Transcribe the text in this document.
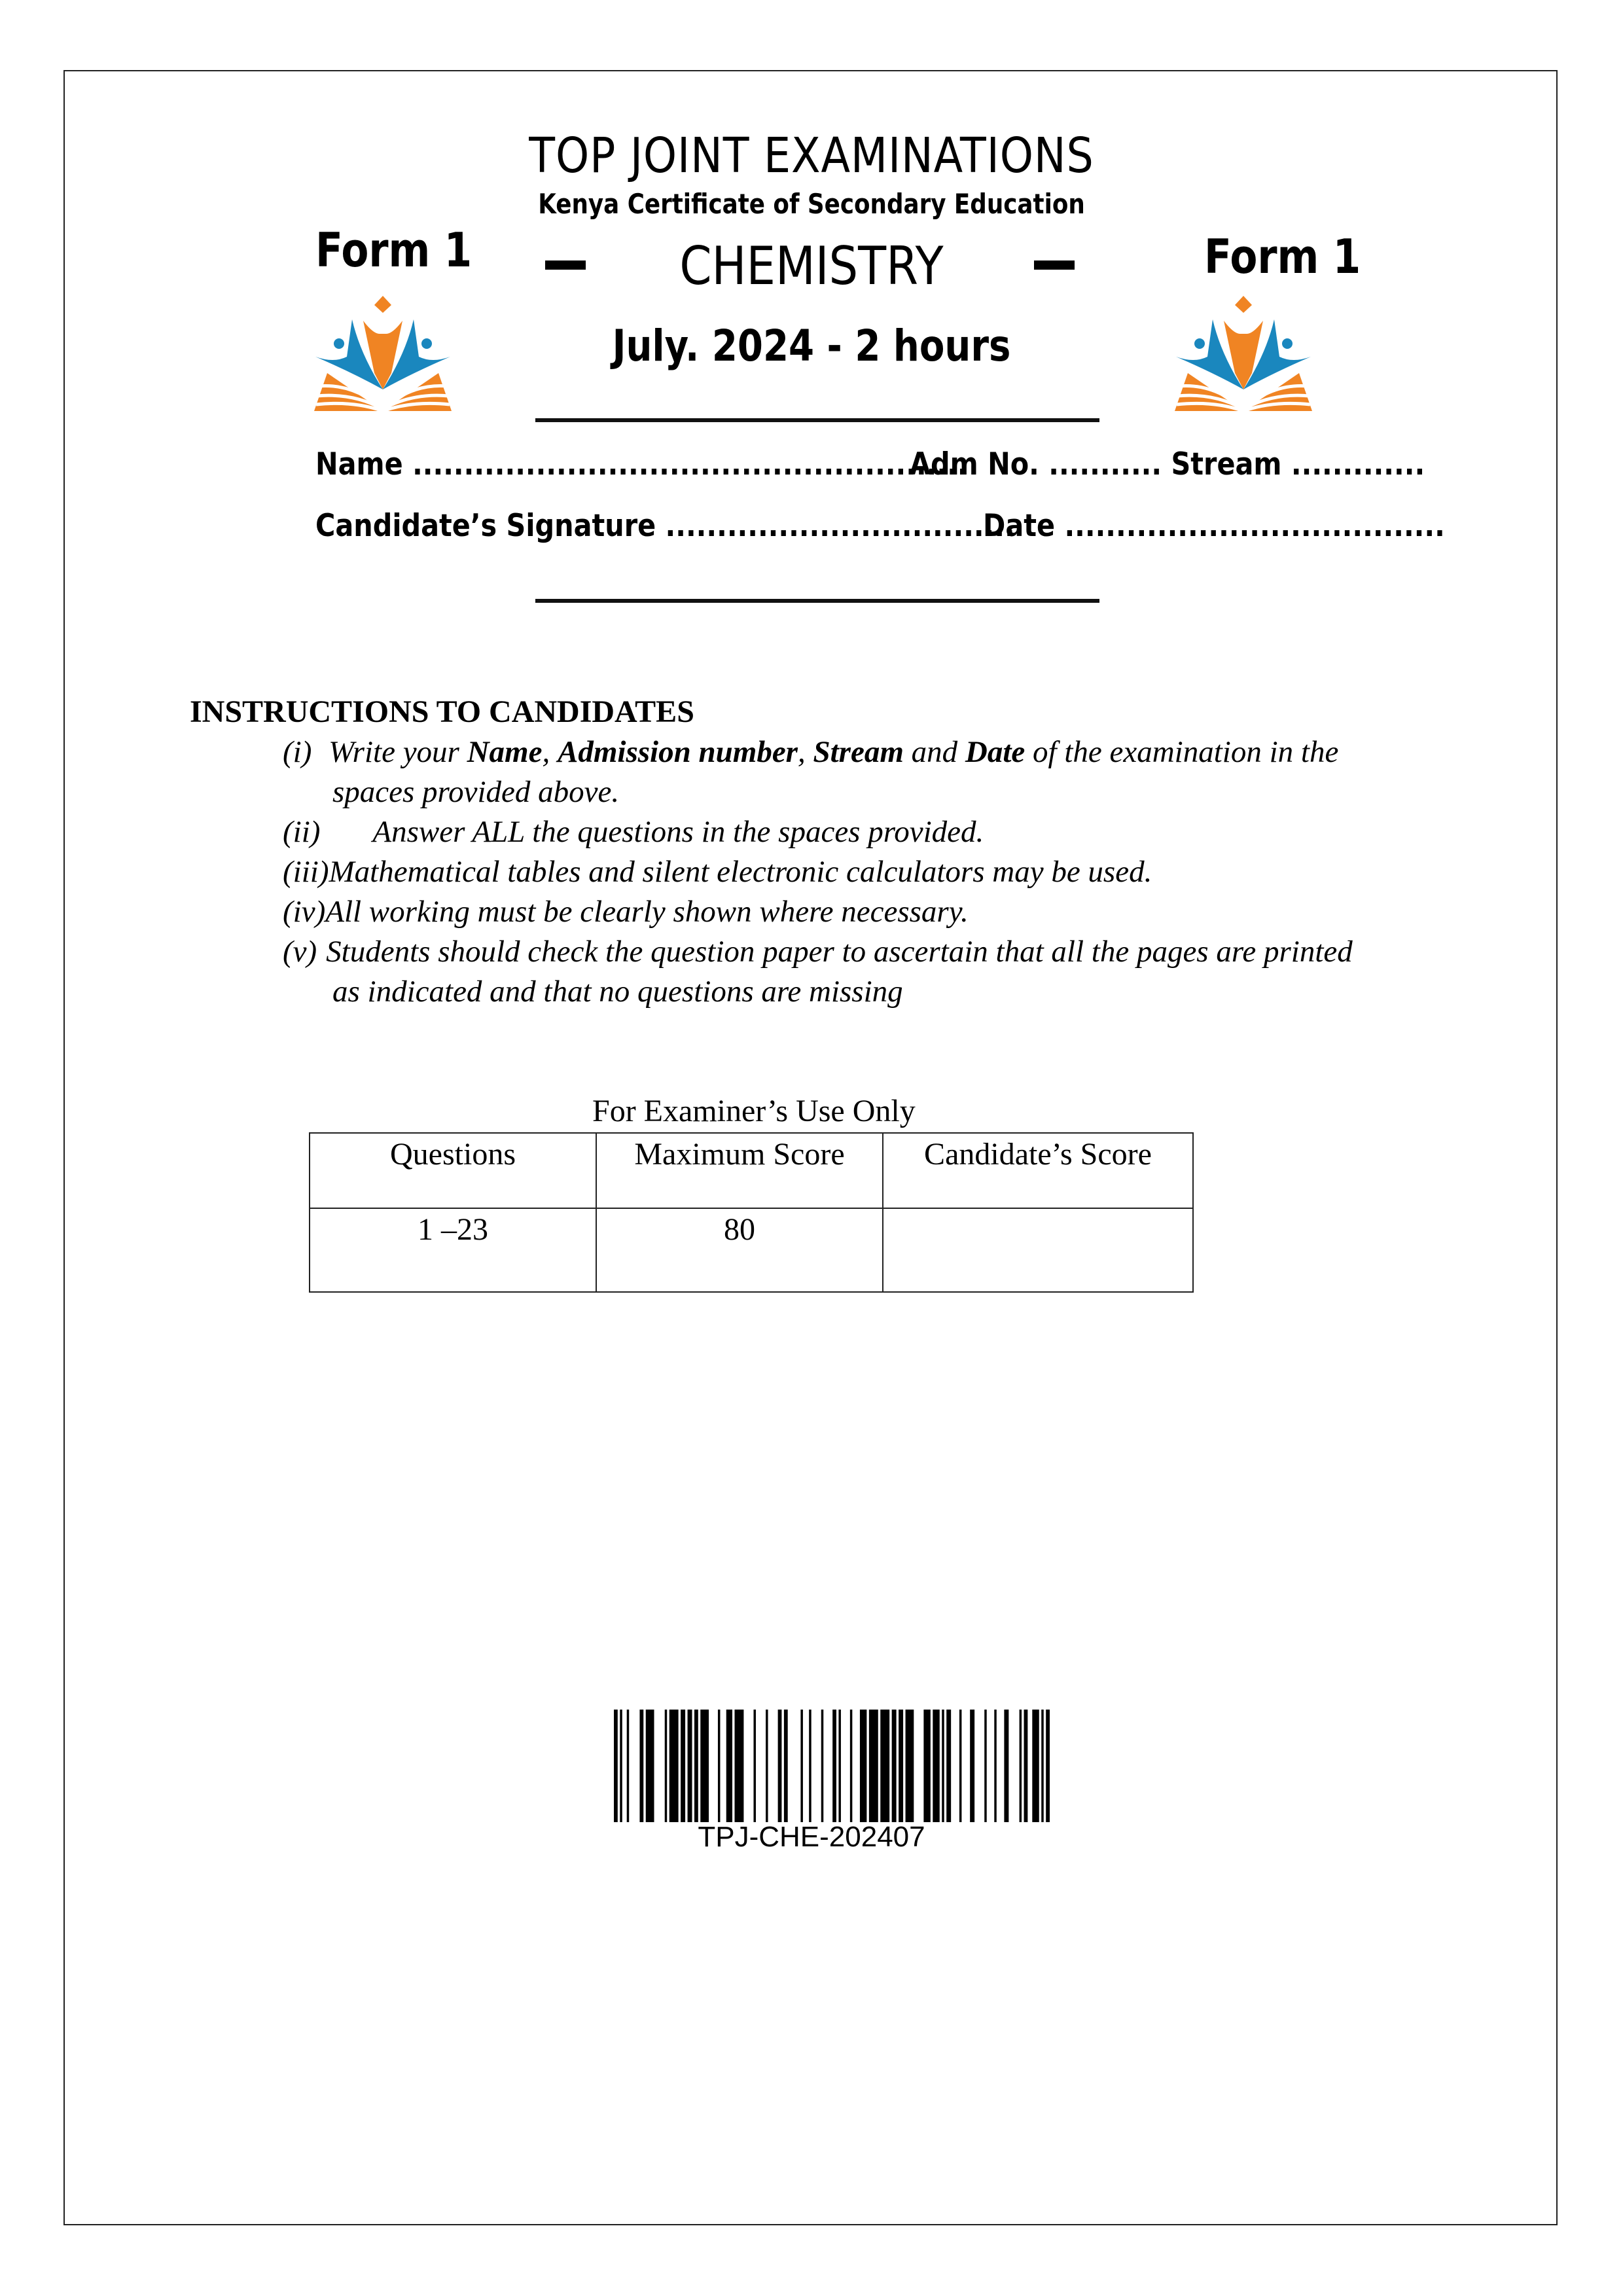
TOP JOINT EXAMINATIONS
Kenya Certificate of Secondary Education
Form 1	Form 1
CHEMISTRY
July. 2024 - 2 hours
Name ......................................................
Adm No. ........... Stream .............
Candidate’s Signature ..................................
Date .....................................
INSTRUCTIONS TO CANDIDATES
(i) Write your Name, Admission number, Stream and Date of the examination in the
spaces provided above.
(ii) Answer ALL the questions in the spaces provided.
(iii)Mathematical tables and silent electronic calculators may be used.
(iv)All working must be clearly shown where necessary.
(v) Students should check the question paper to ascertain that all the pages are printed
as indicated and that no questions are missing
For Examiner’s Use Only
Questions	Maximum Score	Candidate’s Score
1 –23	80	
TPJ-CHE-202407
